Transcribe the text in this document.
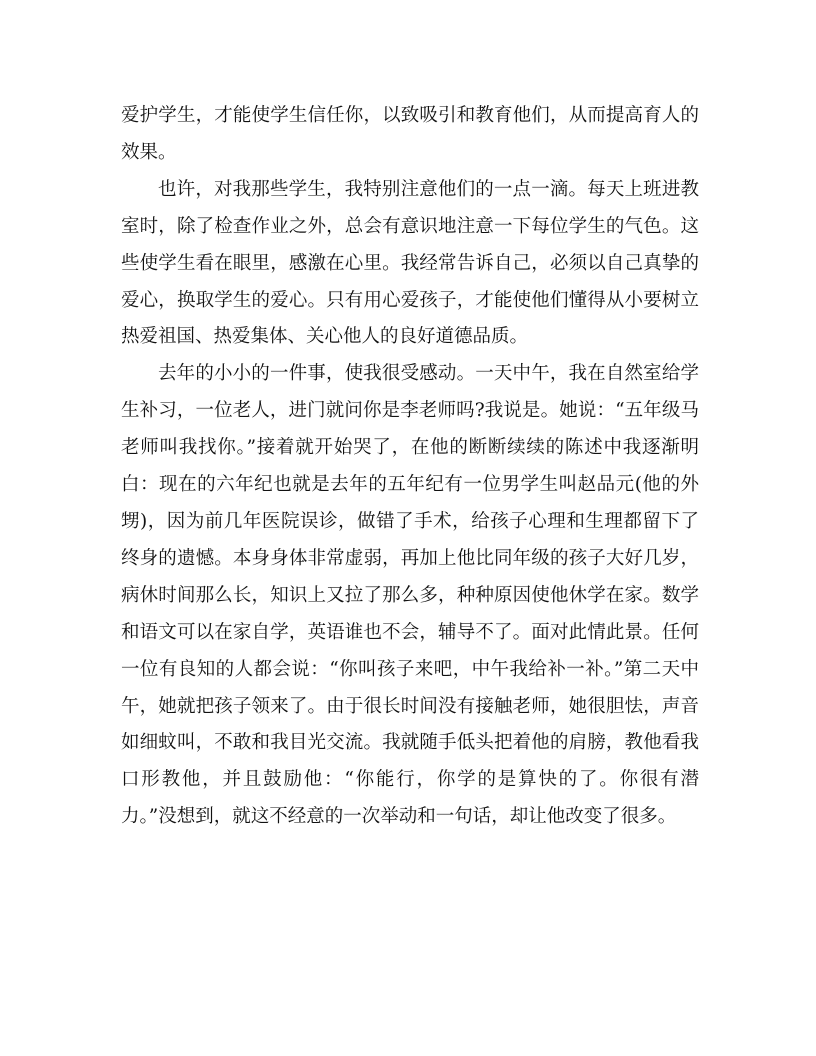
爱护学生，才能使学生信任你，以致吸引和教育他们，从而提高育人的效果。

也许，对我那些学生，我特别注意他们的一点一滴。每天上班进教室时，除了检查作业之外，总会有意识地注意一下每位学生的气色。这些使学生看在眼里，感激在心里。我经常告诉自己，必须以自己真挚的爱心，换取学生的爱心。只有用心爱孩子，才能使他们懂得从小要树立热爱祖国、热爱集体、关心他人的良好道德品质。

去年的小小的一件事，使我很受感动。一天中午，我在自然室给学生补习，一位老人，进门就问你是李老师吗?我说是。她说：“五年级马老师叫我找你。”接着就开始哭了，在他的断断续续的陈述中我逐渐明白：现在的六年纪也就是去年的五年纪有一位男学生叫赵品元(他的外甥)，因为前几年医院误诊，做错了手术，给孩子心理和生理都留下了终身的遗憾。本身身体非常虚弱，再加上他比同年级的孩子大好几岁，病休时间那么长，知识上又拉了那么多，种种原因使他休学在家。数学和语文可以在家自学，英语谁也不会，辅导不了。面对此情此景。任何一位有良知的人都会说：“你叫孩子来吧，中午我给补一补。”第二天中午，她就把孩子领来了。由于很长时间没有接触老师，她很胆怯，声音如细蚊叫，不敢和我目光交流。我就随手低头把着他的肩膀，教他看我口形教他，并且鼓励他：“你能行，你学的是算快的了。你很有潜力。”没想到，就这不经意的一次举动和一句话，却让他改变了很多。
